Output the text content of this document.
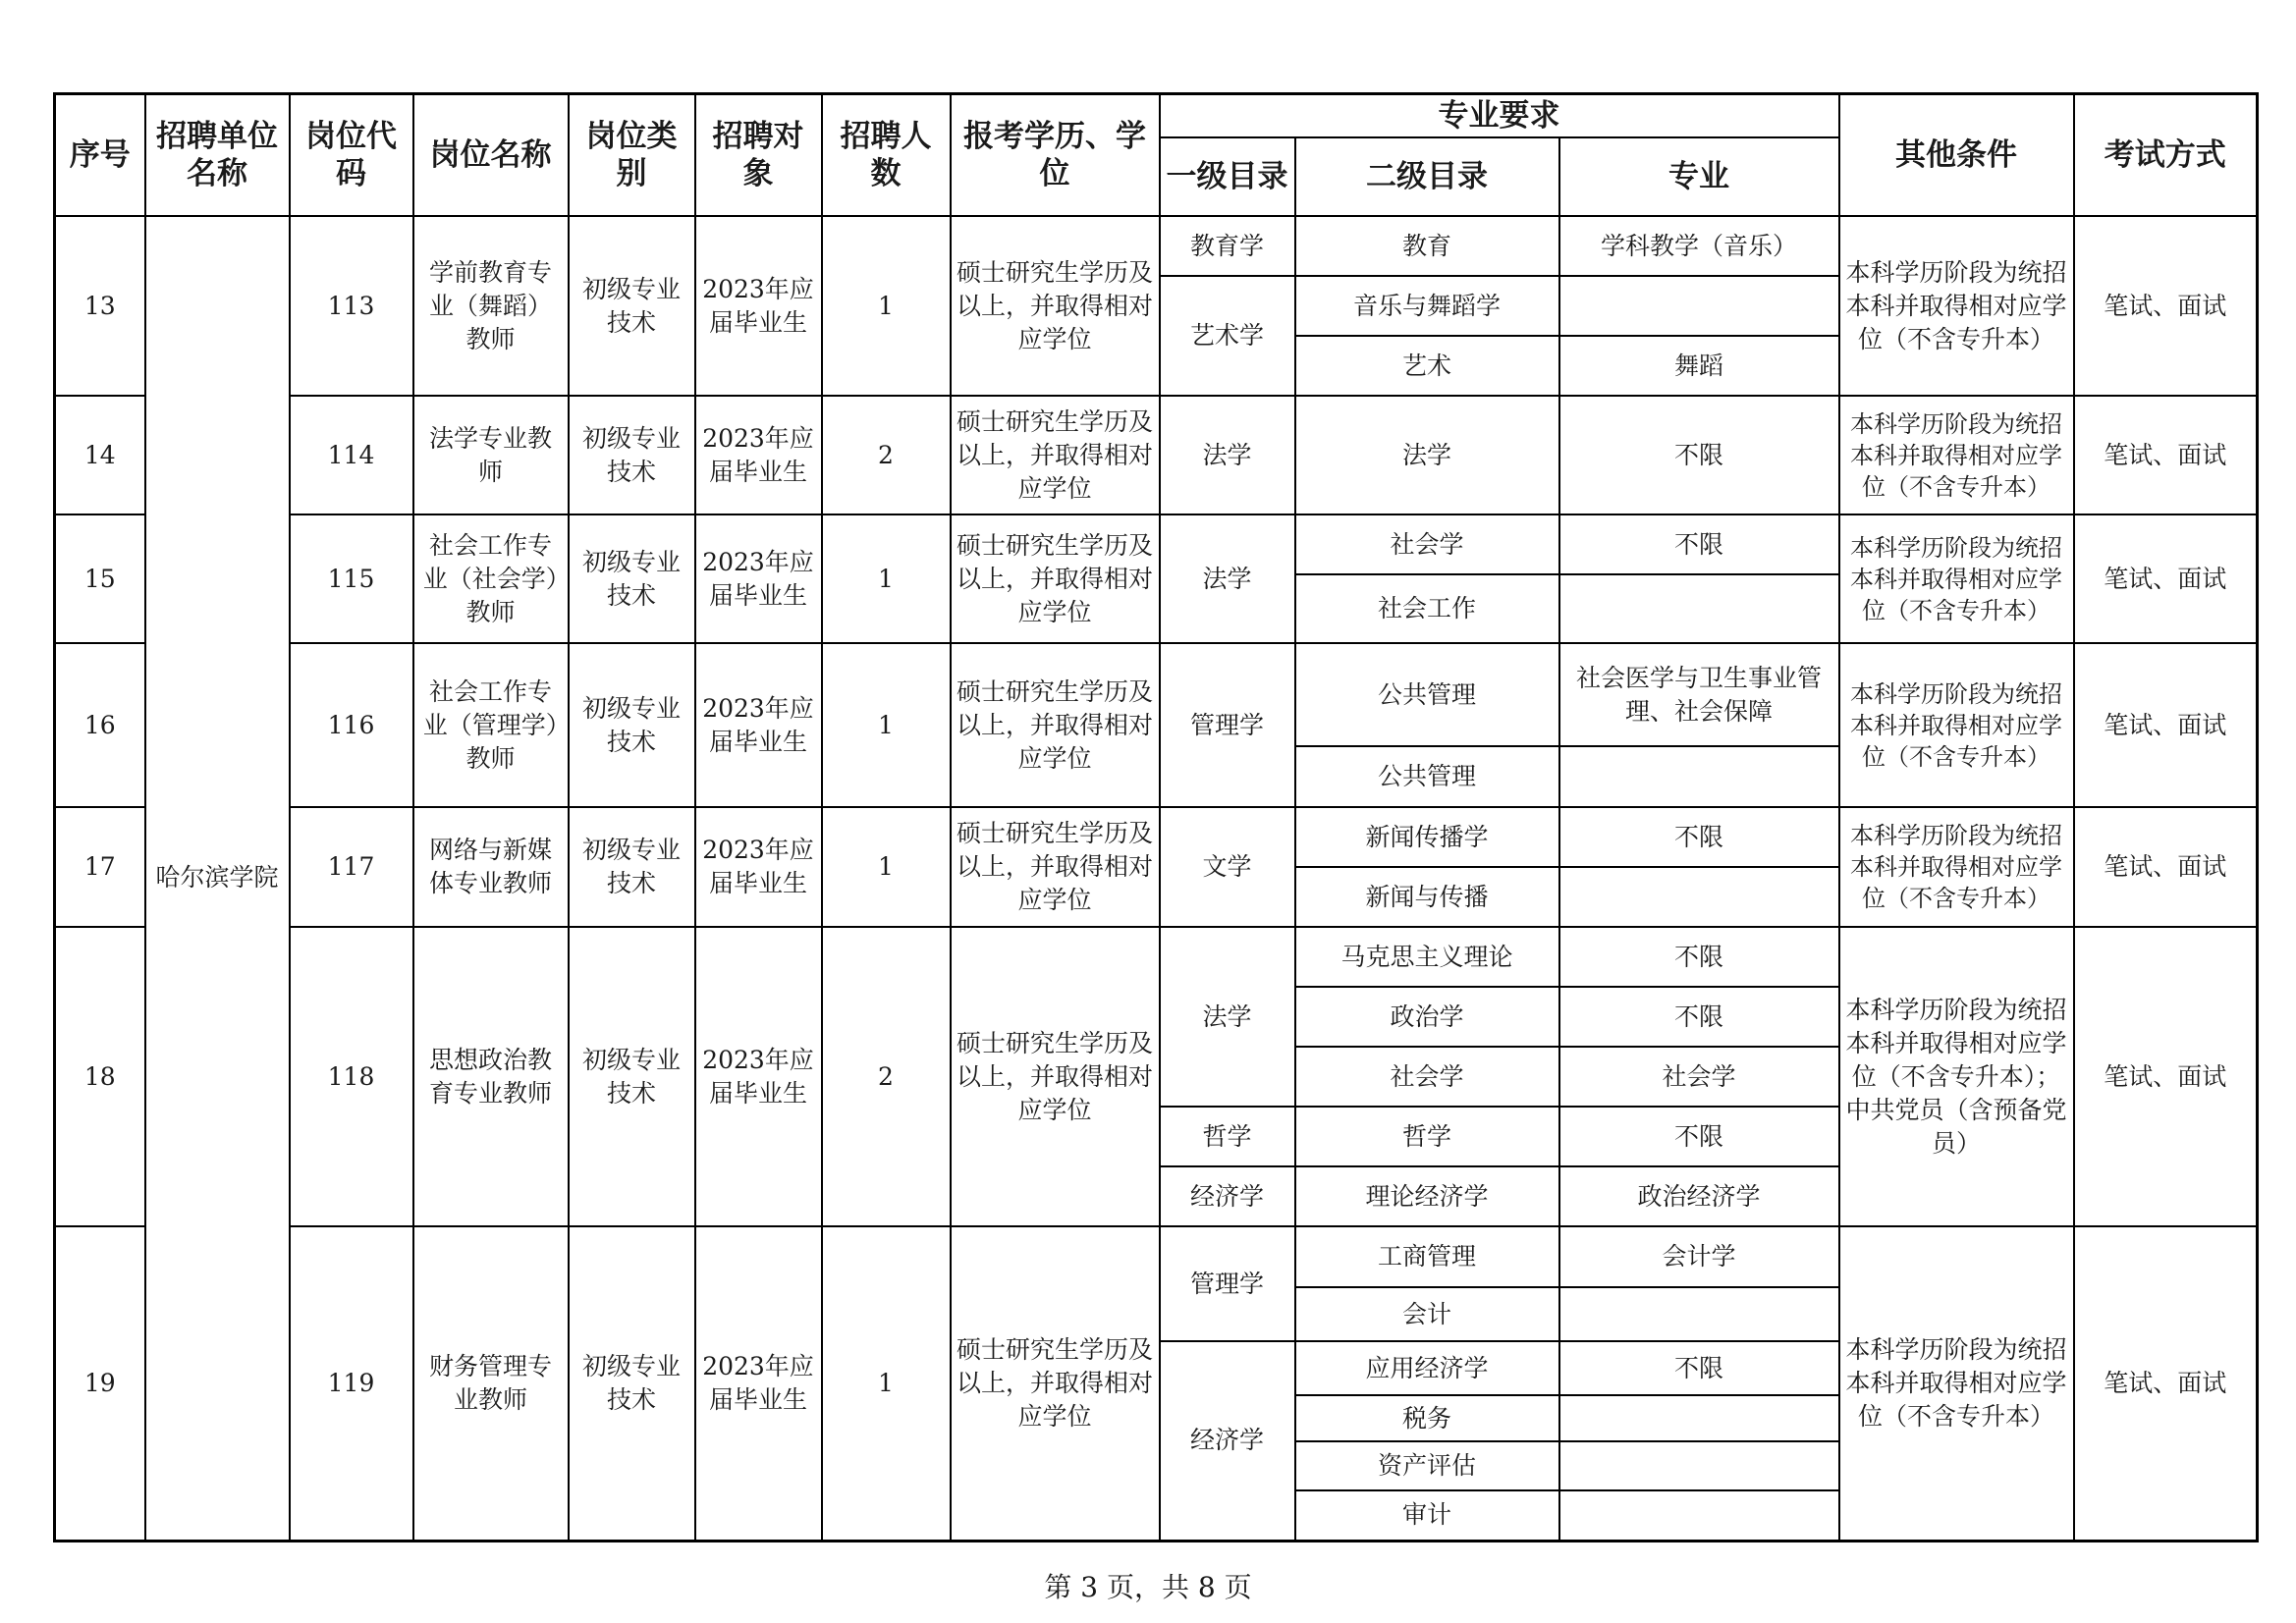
序号	招聘单位名称	岗位代码	岗位名称	岗位类别	招聘对象	招聘人数	报考学历、学位	专业要求			其他条件	考试方式
								一级目录	二级目录	专业		
13	哈尔滨学院	113	学前教育专业（舞蹈）教师	初级专业技术	2023年应届毕业生	1	硕士研究生学历及以上，并取得相对应学位	教育学	教育	学科教学（音乐）	本科学历阶段为统招本科并取得相对应学位（不含专升本）	笔试、面试
								艺术学	音乐与舞蹈学			
									艺术	舞蹈		
14		114	法学专业教师	初级专业技术	2023年应届毕业生	2	硕士研究生学历及以上，并取得相对应学位	法学	法学	不限	本科学历阶段为统招本科并取得相对应学位（不含专升本）	笔试、面试
15		115	社会工作专业（社会学）教师	初级专业技术	2023年应届毕业生	1	硕士研究生学历及以上，并取得相对应学位	法学	社会学	不限	本科学历阶段为统招本科并取得相对应学位（不含专升本）	笔试、面试
									社会工作			
16		116	社会工作专业（管理学）教师	初级专业技术	2023年应届毕业生	1	硕士研究生学历及以上，并取得相对应学位	管理学	公共管理	社会医学与卫生事业管理、社会保障	本科学历阶段为统招本科并取得相对应学位（不含专升本）	笔试、面试
									公共管理			
17		117	网络与新媒体专业教师	初级专业技术	2023年应届毕业生	1	硕士研究生学历及以上，并取得相对应学位	文学	新闻传播学	不限	本科学历阶段为统招本科并取得相对应学位（不含专升本）	笔试、面试
									新闻与传播			
18		118	思想政治教育专业教师	初级专业技术	2023年应届毕业生	2	硕士研究生学历及以上，并取得相对应学位	法学	马克思主义理论	不限	本科学历阶段为统招本科并取得相对应学位（不含专升本）；中共党员（含预备党员）	笔试、面试
									政治学	不限		
									社会学	社会学		
								哲学	哲学	不限		
								经济学	理论经济学	政治经济学		
19		119	财务管理专业教师	初级专业技术	2023年应届毕业生	1	硕士研究生学历及以上，并取得相对应学位	管理学	工商管理	会计学	本科学历阶段为统招本科并取得相对应学位（不含专升本）	笔试、面试
									会计			
								经济学	应用经济学	不限		
									税务			
									资产评估			
									审计			
第 3 页，共 8 页
